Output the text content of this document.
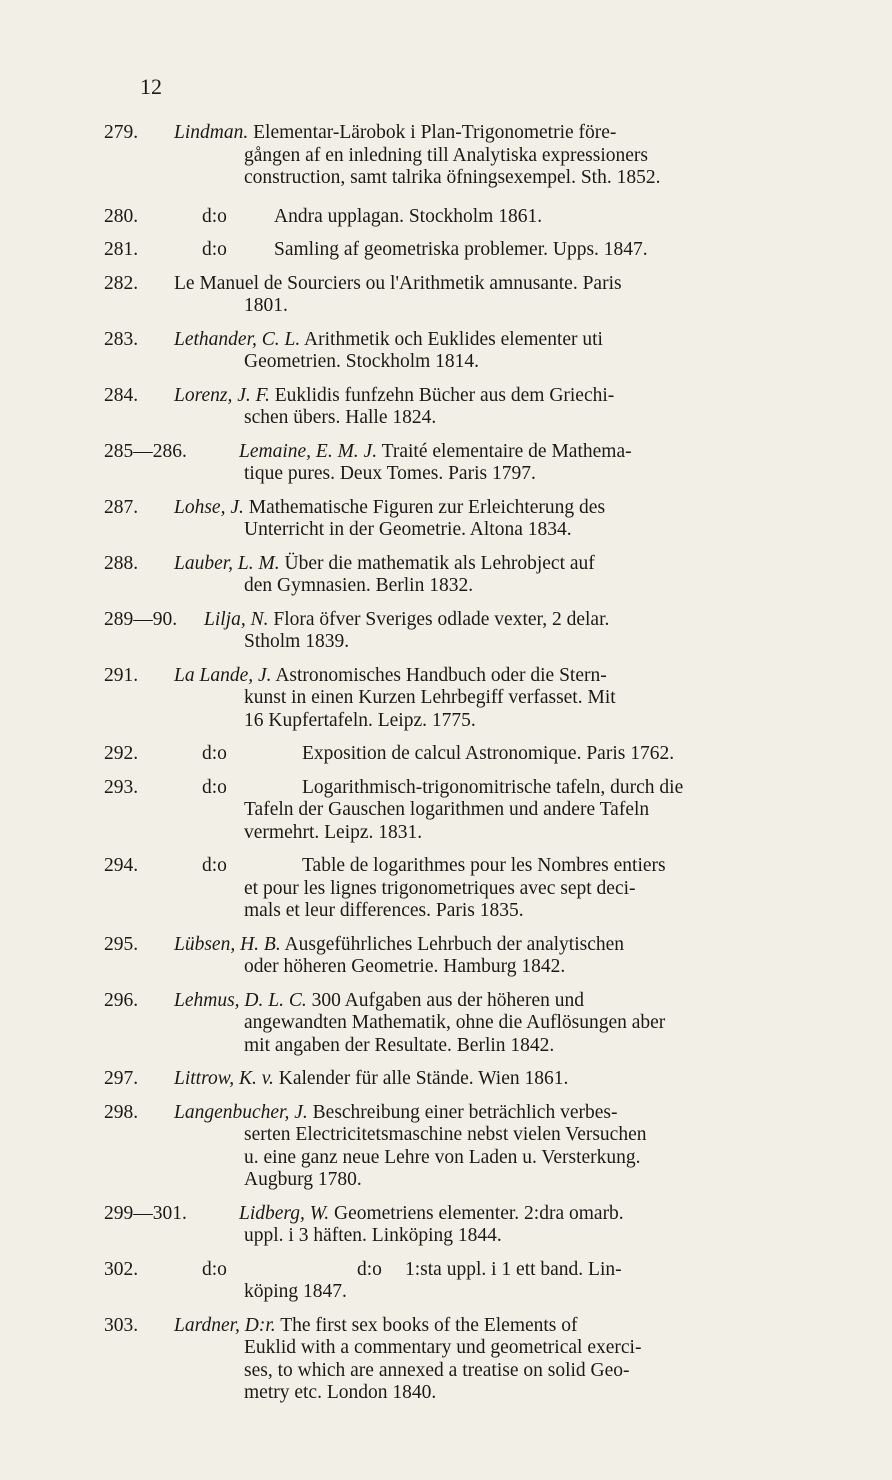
12
279.	Lindman. Elementar-Lärobok i Plan-Trigonometrie före-
gången af en inledning till Analytiska expressioners
construction, samt talrika öfningsexempel. Sth. 1852.
280.	d:o Andra upplagan. Stockholm 1861.
281.	d:o Samling af geometriska problemer. Upps. 1847.
282.	Le Manuel de Sourciers ou l'Arithmetik amnusante. Paris
1801.
283.	Lethander, C. L. Arithmetik och Euklides elementer uti
Geometrien. Stockholm 1814.
284.	Lorenz, J. F. Euklidis funfzehn Bücher aus dem Griechi-
schen übers. Halle 1824.
285—286.	Lemaine, E. M. J. Traité elementaire de Mathema-
tique pures. Deux Tomes. Paris 1797.
287.	Lohse, J. Mathematische Figuren zur Erleichterung des
Unterricht in der Geometrie. Altona 1834.
288.	Lauber, L. M. Über die mathematik als Lehrobject auf
den Gymnasien. Berlin 1832.
289—90.	Lilja, N. Flora öfver Sveriges odlade vexter, 2 delar.
Stholm 1839.
291.	La Lande, J. Astronomisches Handbuch oder die Stern-
kunst in einen Kurzen Lehrbegiff verfasset. Mit
16 Kupfertafeln. Leipz. 1775.
292.	d:o	Exposition de calcul Astronomique. Paris 1762.
293.	d:o	Logarithmisch-trigonomitrische tafeln, durch die
Tafeln der Gauschen logarithmen und andere Tafeln
vermehrt. Leipz. 1831.
294.	d:o	Table de logarithmes pour les Nombres entiers
et pour les lignes trigonometriques avec sept deci-
mals et leur differences. Paris 1835.
295.	Lübsen, H. B. Ausgeführliches Lehrbuch der analytischen
oder höheren Geometrie. Hamburg 1842.
296.	Lehmus, D. L. C. 300 Aufgaben aus der höheren und
angewandten Mathematik, ohne die Auflösungen aber
mit angaben der Resultate. Berlin 1842.
297.	Littrow, K. v. Kalender für alle Stände. Wien 1861.
298.	Langenbucher, J. Beschreibung einer beträchlich verbes-
serten Electricitetsmaschine nebst vielen Versuchen
u. eine ganz neue Lehre von Laden u. Versterkung.
Augburg 1780.
299—301.	Lidberg, W. Geometriens elementer. 2:dra omarb.
uppl. i 3 häften. Linköping 1844.
302.	d:o	d:o 1:sta uppl. i 1 ett band. Lin-
köping 1847.
303.	Lardner, D:r. The first sex books of the Elements of
Euklid with a commentary und geometrical exerci-
ses, to which are annexed a treatise on solid Geo-
metry etc. London 1840.
